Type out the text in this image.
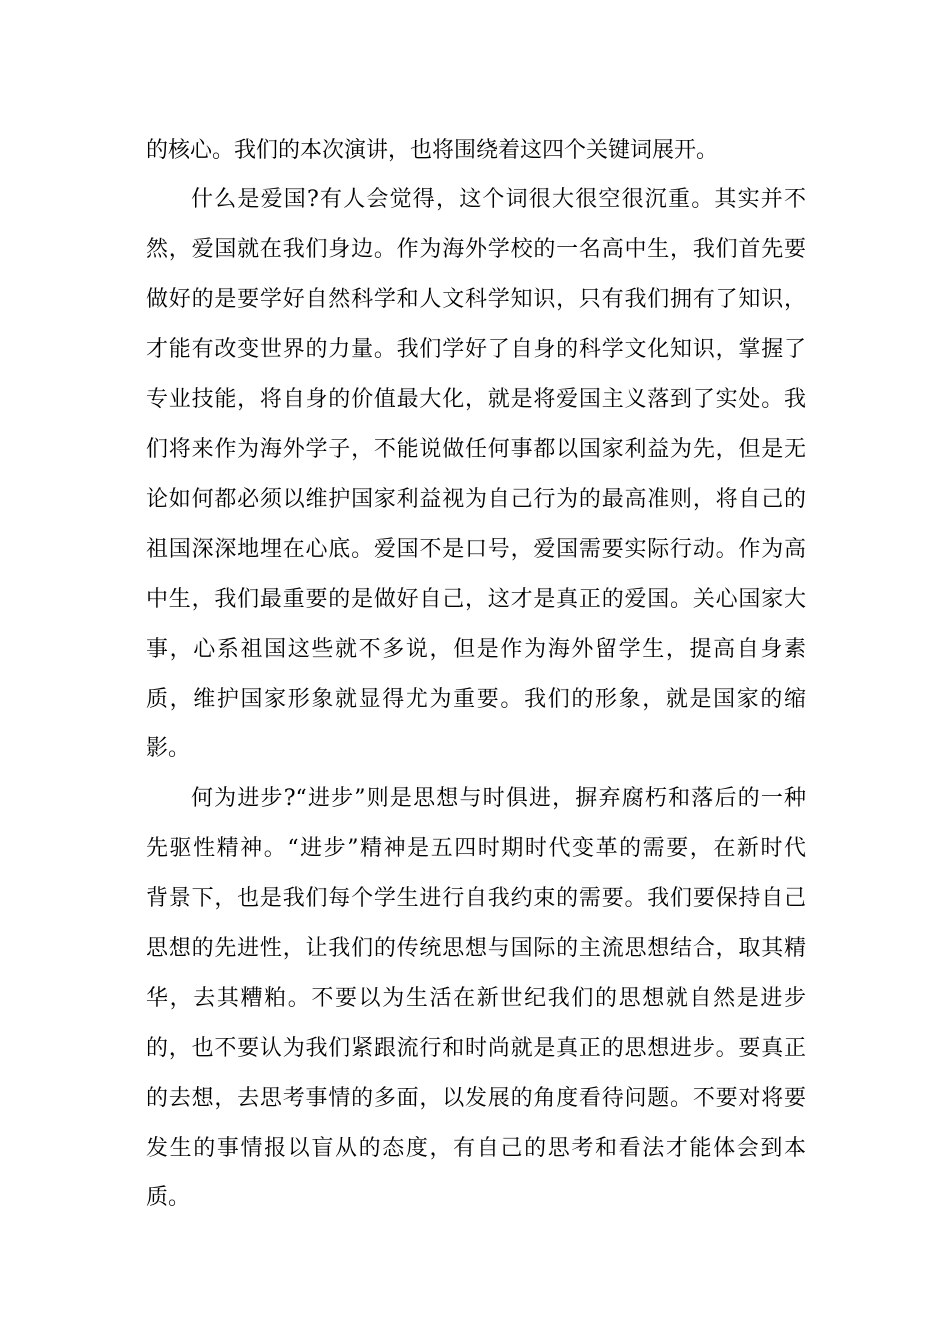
的核心。我们的本次演讲，也将围绕着这四个关键词展开。
什么是爱国?有人会觉得，这个词很大很空很沉重。其实并不
然，爱国就在我们身边。作为海外学校的一名高中生，我们首先要
做好的是要学好自然科学和人文科学知识，只有我们拥有了知识，
才能有改变世界的力量。我们学好了自身的科学文化知识，掌握了
专业技能，将自身的价值最大化，就是将爱国主义落到了实处。我
们将来作为海外学子，不能说做任何事都以国家利益为先，但是无
论如何都必须以维护国家利益视为自己行为的最高准则，将自己的
祖国深深地埋在心底。爱国不是口号，爱国需要实际行动。作为高
中生，我们最重要的是做好自己，这才是真正的爱国。关心国家大
事，心系祖国这些就不多说，但是作为海外留学生，提高自身素
质，维护国家形象就显得尤为重要。我们的形象，就是国家的缩
影。
何为进步?“进步”则是思想与时俱进，摒弃腐朽和落后的一种
先驱性精神。“进步”精神是五四时期时代变革的需要，在新时代
背景下，也是我们每个学生进行自我约束的需要。我们要保持自己
思想的先进性，让我们的传统思想与国际的主流思想结合，取其精
华，去其糟粕。不要以为生活在新世纪我们的思想就自然是进步
的，也不要认为我们紧跟流行和时尚就是真正的思想进步。要真正
的去想，去思考事情的多面，以发展的角度看待问题。不要对将要
发生的事情报以盲从的态度，有自己的思考和看法才能体会到本
质。
